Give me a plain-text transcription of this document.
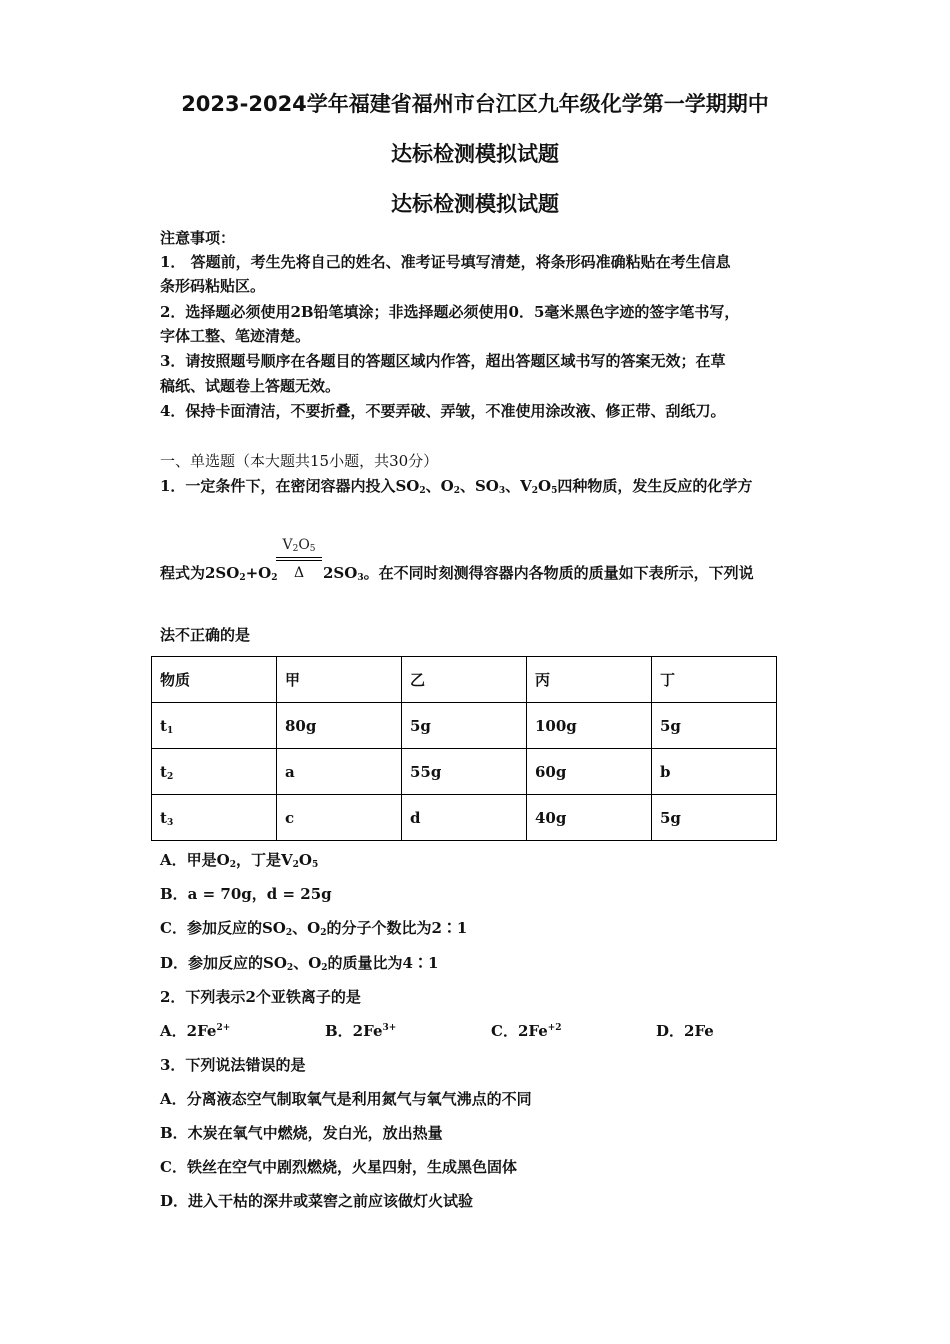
2023-2024学年福建省福州市台江区九年级化学第一学期期中
达标检测模拟试题
达标检测模拟试题
注意事项：
1． 答题前，考生先将自己的姓名、准考证号填写清楚，将条形码准确粘贴在考生信息
条形码粘贴区。
2．选择题必须使用2B铅笔填涂；非选择题必须使用0．5毫米黑色字迹的签字笔书写，
字体工整、笔迹清楚。
3．请按照题号顺序在各题目的答题区域内作答，超出答题区域书写的答案无效；在草
稿纸、试题卷上答题无效。
4．保持卡面清洁，不要折叠，不要弄破、弄皱，不准使用涂改液、修正带、刮纸刀。
一、单选题（本大题共15小题，共30分）
1．一定条件下，在密闭容器内投入$SO_2$、$O_2$、$SO_3$、$V_2O_5$四种物质，发生反应的化学方
程式为$2SO_2+O_2$
$V_2O_5$
Δ	$2SO_3$。在不同时刻测得容器内各物质的质量如下表所示，下列说
法不正确的是
物质	甲	乙	丙	丁
$t_1$	80g	5g	100g	5g
$t_2$	a	55g	60g	b
$t_3$	c	d	40g	5g
A．甲是$O_2$，丁是$V_2O_5$
B．a = 70g，d = 25g
C．参加反应的$SO_2$、$O_2$的分子个数比为2∶1
D．参加反应的$SO_2$、$O_2$的质量比为4∶1
2．下列表示2个亚铁离子的是
A．$2Fe^{2+}$	B．$2Fe^{3+}$	C．$2Fe^{+2}$	D．2Fe
3．下列说法错误的是
A．分离液态空气制取氧气是利用氮气与氧气沸点的不同
B．木炭在氧气中燃烧，发白光，放出热量
C．铁丝在空气中剧烈燃烧，火星四射，生成黑色固体
D．进入干枯的深井或菜窖之前应该做灯火试验
